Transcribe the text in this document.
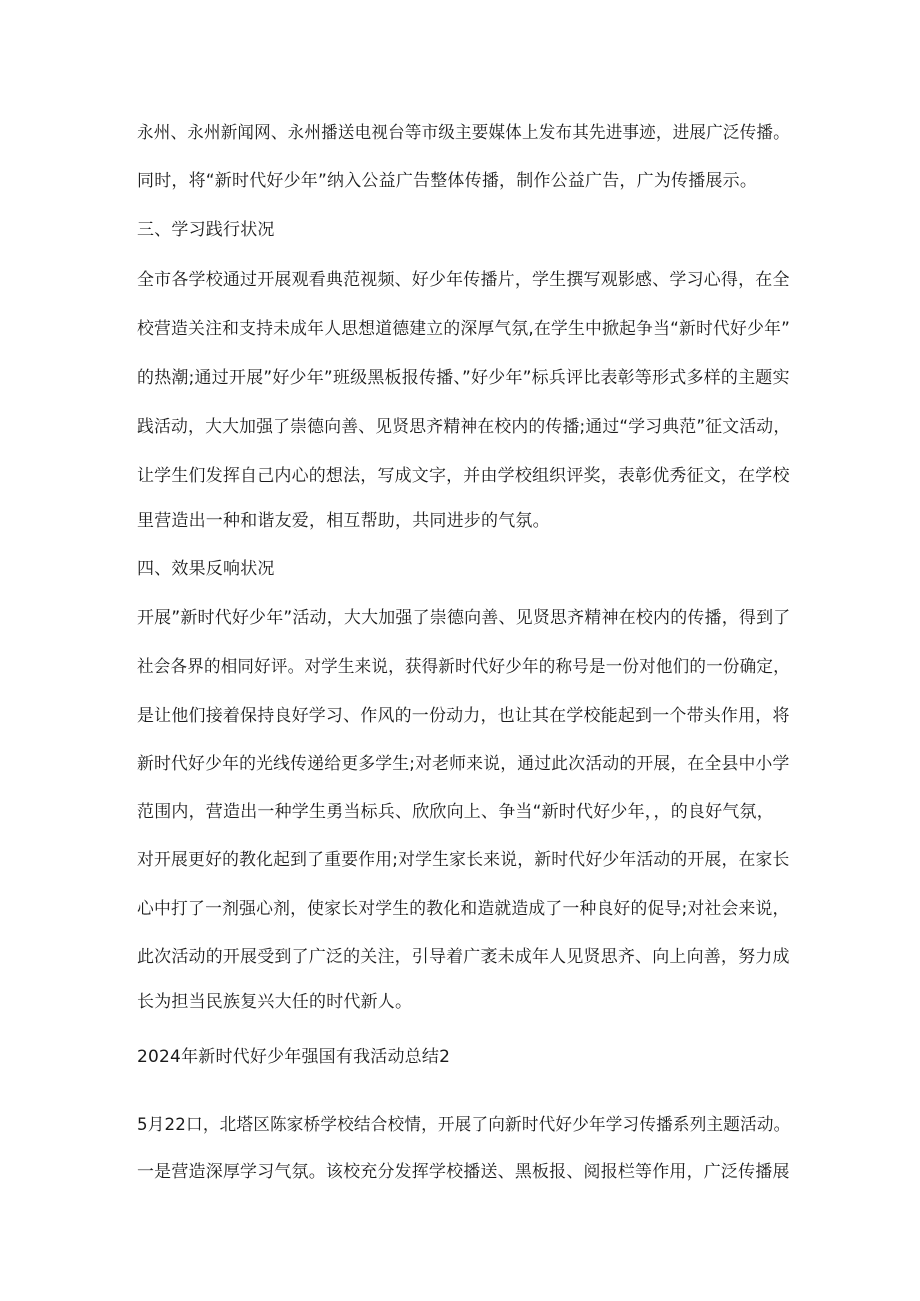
永州、永州新闻网、永州播送电视台等市级主要媒体上发布其先进事迹，进展广泛传播。
同时，将“新时代好少年”纳入公益广告整体传播，制作公益广告，广为传播展示。
三、学习践行状况
全市各学校通过开展观看典范视频、好少年传播片，学生撰写观影感、学习心得，在全
校营造关注和支持未成年人思想道德建立的深厚气氛,在学生中掀起争当“新时代好少年”
的热潮;通过开展”好少年”班级黑板报传播、”好少年”标兵评比表彰等形式多样的主题实
践活动，大大加强了崇德向善、见贤思齐精神在校内的传播;通过“学习典范”征文活动，
让学生们发挥自己内心的想法，写成文字，并由学校组织评奖，表彰优秀征文，在学校
里营造出一种和谐友爱，相互帮助，共同进步的气氛。
四、效果反响状况
开展”新时代好少年”活动，大大加强了崇德向善、见贤思齐精神在校内的传播，得到了
社会各界的相同好评。对学生来说，获得新时代好少年的称号是一份对他们的一份确定，
是让他们接着保持良好学习、作风的一份动力，也让其在学校能起到一个带头作用，将
新时代好少年的光线传递给更多学生;对老师来说，通过此次活动的开展，在全县中小学
范围内，营造出一种学生勇当标兵、欣欣向上、争当“新时代好少年，，的良好气氛，
对开展更好的教化起到了重要作用;对学生家长来说，新时代好少年活动的开展，在家长
心中打了一剂强心剂，使家长对学生的教化和造就造成了一种良好的促导;对社会来说，
此次活动的开展受到了广泛的关注，引导着广袤未成年人见贤思齐、向上向善，努力成
长为担当民族复兴大任的时代新人。
2024年新时代好少年强国有我活动总结2
5月22口，北塔区陈家桥学校结合校情，开展了向新时代好少年学习传播系列主题活动。
一是营造深厚学习气氛。该校充分发挥学校播送、黑板报、阅报栏等作用，广泛传播展
